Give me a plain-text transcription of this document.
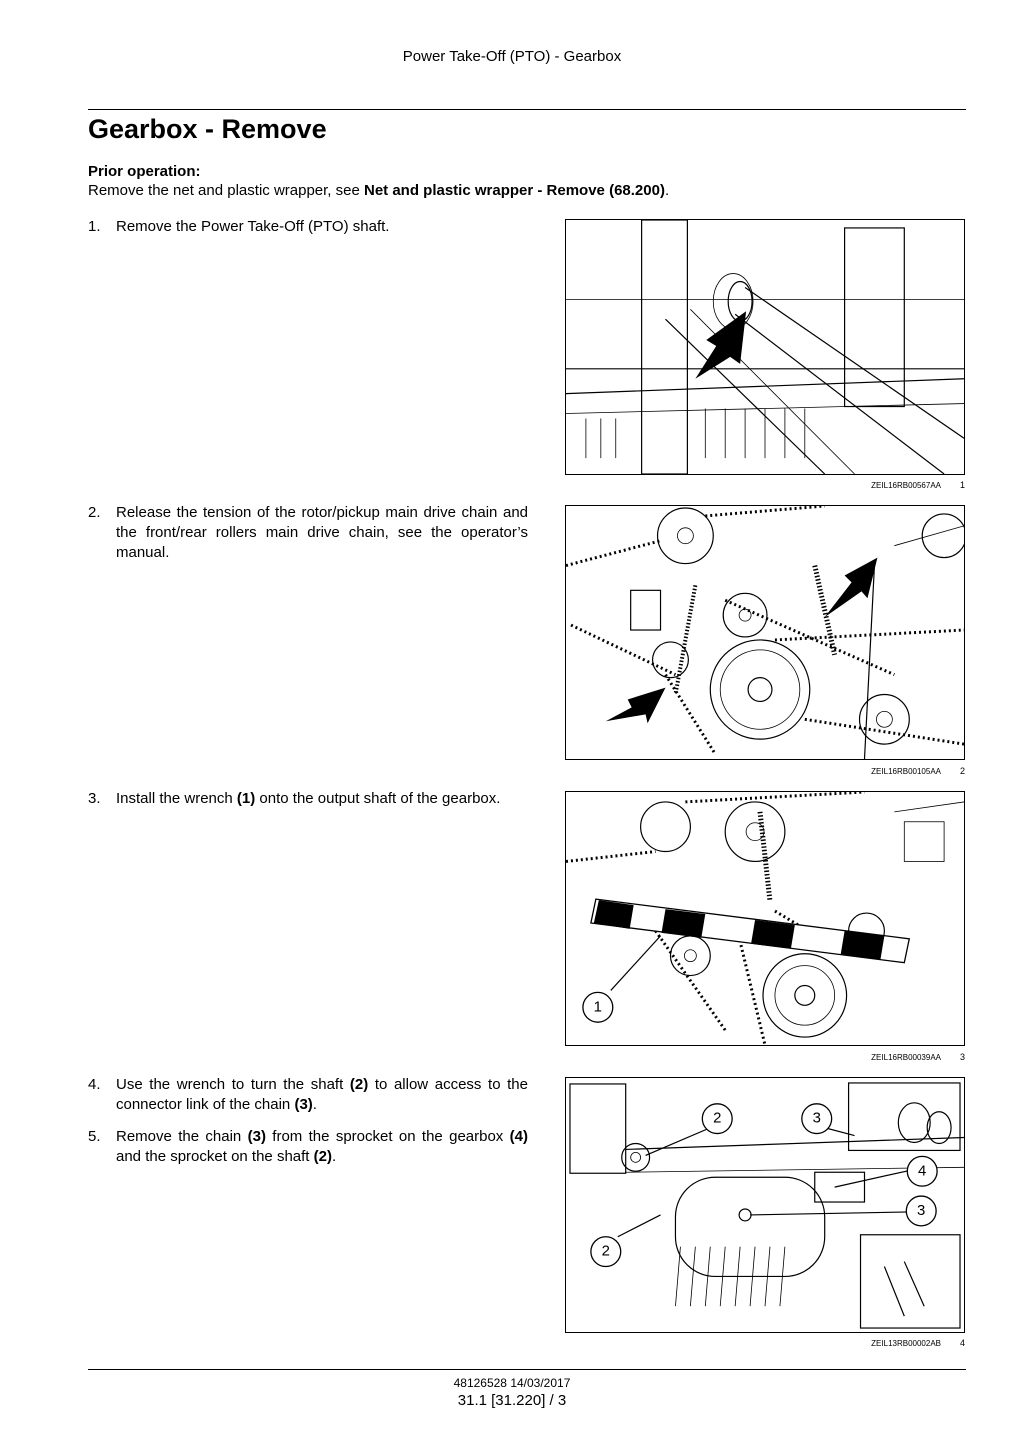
Power Take-Off (PTO) - Gearbox
Gearbox - Remove
Prior operation:
Remove the net and plastic wrapper, see Net and plastic wrapper - Remove (68.200).
1. Remove the Power Take-Off (PTO) shaft.
2. Release the tension of the rotor/pickup main drive chain and the front/rear rollers main drive chain, see the operator’s manual.
3. Install the wrench (1) onto the output shaft of the gearbox.
4. Use the wrench to turn the shaft (2) to allow access to the connector link of the chain (3).
5. Remove the chain (3) from the sprocket on the gearbox (4) and the sprocket on the shaft (2).
ZEIL16RB00567AA 1
ZEIL16RB00105AA 2
1
ZEIL16RB00039AA 3
2	3
4
3
2
ZEIL13RB00002AB 4
48126528 14/03/2017
31.1 [31.220] / 3
